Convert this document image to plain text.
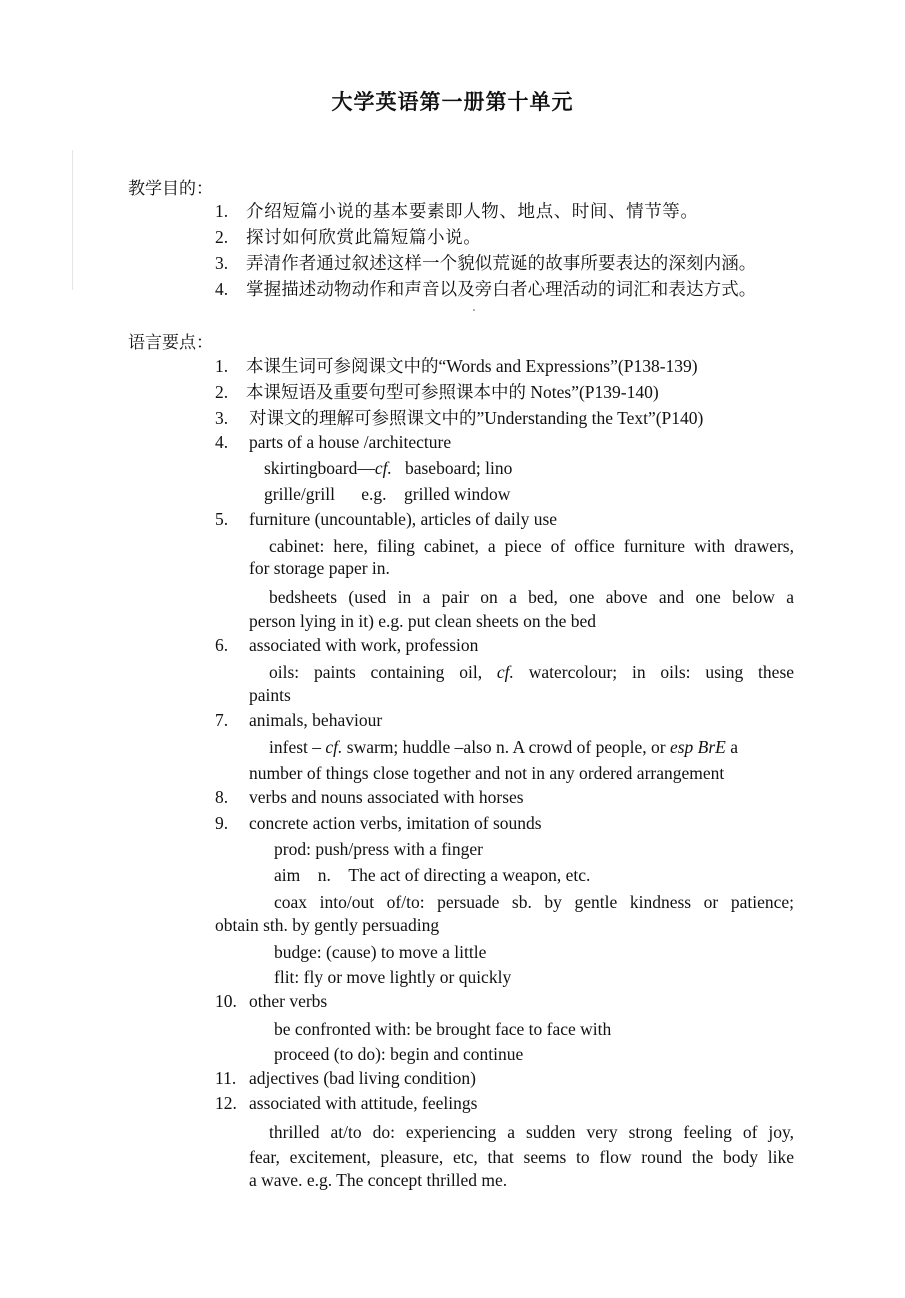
大学英语第一册第十单元
教学目的：
1. 介绍短篇小说的基本要素即人物、地点、时间、情节等。
2. 探讨如何欣赏此篇短篇小说。
3. 弄清作者通过叙述这样一个貌似荒诞的故事所要表达的深刻内涵。
4. 掌握描述动物动作和声音以及旁白者心理活动的词汇和表达方式。
语言要点：
1. 本课生词可参阅课文中的“Words and Expressions”(P138-139)
2. 本课短语及重要句型可参照课本中的 Notes”(P139-140)
3. 对课文的理解可参照课文中的”Understanding the Text”(P140)
4. parts of a house /architecture
skirtingboard—cf. baseboard; lino
grille/grill e.g. grilled window
5. furniture (uncountable), articles of daily use
cabinet: here, filing cabinet, a piece of office furniture with drawers,
for storage paper in.
bedsheets (used in a pair on a bed, one above and one below a
person lying in it) e.g. put clean sheets on the bed
6. associated with work, profession
oils: paints containing oil, cf. watercolour; in oils: using these
paints
7. animals, behaviour
infest – cf. swarm; huddle –also n. A crowd of people, or esp BrE a
number of things close together and not in any ordered arrangement
8. verbs and nouns associated with horses
9. concrete action verbs, imitation of sounds
prod: push/press with a finger
aim n. The act of directing a weapon, etc.
coax into/out of/to: persuade sb. by gentle kindness or patience;
obtain sth. by gently persuading
budge: (cause) to move a little
flit: fly or move lightly or quickly
10. other verbs
be confronted with: be brought face to face with
proceed (to do): begin and continue
11. adjectives (bad living condition)
12. associated with attitude, feelings
thrilled at/to do: experiencing a sudden very strong feeling of joy,
fear, excitement, pleasure, etc, that seems to flow round the body like
a wave. e.g. The concept thrilled me.
